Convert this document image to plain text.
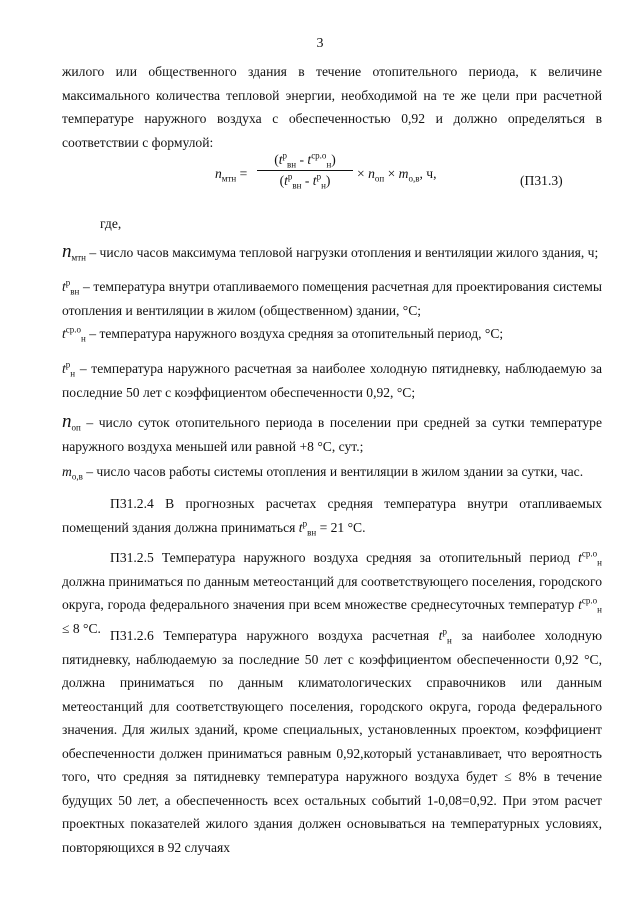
3

жилого или общественного здания в течение отопительного периода, к величине максимального количества тепловой энергии, необходимой на те же цели при расчетной температуре наружного воздуха с обеспеченностью 0,92 и должно определяться в соответствии с формулой:

$n_{мтн}$ =
$(t^р_{вн} - t^{ср.о}_н)$
$(t^р_{вн} - t^р_н)$	× $n_{оп} \times m_{о,в}$, ч,	(П31.3)

где,

$n_{мтн}$ – число часов максимума тепловой нагрузки отопления и вентиляции жилого здания, ч;

$t^р_{вн}$ – температура внутри отапливаемого помещения расчетная для проектирования системы отопления и вентиляции в жилом (общественном) здании, °С;

$t^{ср.о}_н$ – температура наружного воздуха средняя за отопительный период, °С;

$t^р_н$ – температура наружного расчетная за наиболее холодную пятидневку, наблюдаемую за последние 50 лет с коэффициентом обеспеченности 0,92, °С;

$n_{оп}$ – число суток отопительного периода в поселении при средней за сутки температуре наружного воздуха меньшей или равной +8 °С, сут.;

$m_{о,в}$ – число часов работы системы отопления и вентиляции в жилом здании за сутки, час.

П31.2.4 В прогнозных расчетах средняя температура внутри отапливаемых помещений здания должна приниматься $t^р_{вн} = 21$ °С.

П31.2.5 Температура наружного воздуха средняя за отопительный период $t^{ср.о}_н$ должна приниматься по данным метеостанций для соответствующего поселения, городского округа, города федерального значения при всем множестве среднесуточных температур $t^{ср.о}_н \le 8$ °С. П31.2.6 Температура наружного воздуха расчетная $t^р_н$ за наиболее холодную пятидневку, наблюдаемую за последние 50 лет с коэффициентом обеспеченности 0,92 °С, должна приниматься по данным климатологических справочников или данным метеостанций для соответствующего поселения, городского округа, города федерального значения. Для жилых зданий, кроме специальных, установленных проектом, коэффициент обеспеченности должен приниматься равным 0,92,который устанавливает, что вероятность того, что средняя за пятидневку температура наружного воздуха будет ≤ 8% в течение будущих 50 лет, а обеспеченность всех остальных событий 1-0,08=0,92. При этом расчет проектных показателей жилого здания должен основываться на температурных условиях, повторяющихся в 92 случаях
